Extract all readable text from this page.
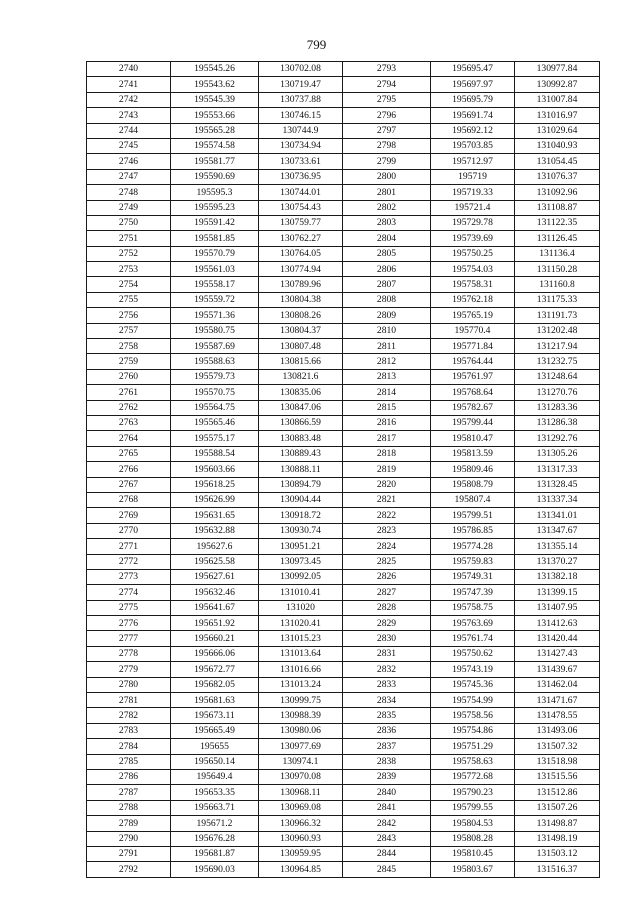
799
2740	195545.26	130702.08	2793	195695.47	130977.84
2741	195543.62	130719.47	2794	195697.97	130992.87
2742	195545.39	130737.88	2795	195695.79	131007.84
2743	195553.66	130746.15	2796	195691.74	131016.97
2744	195565.28	130744.9	2797	195692.12	131029.64
2745	195574.58	130734.94	2798	195703.85	131040.93
2746	195581.77	130733.61	2799	195712.97	131054.45
2747	195590.69	130736.95	2800	195719	131076.37
2748	195595.3	130744.01	2801	195719.33	131092.96
2749	195595.23	130754.43	2802	195721.4	131108.87
2750	195591.42	130759.77	2803	195729.78	131122.35
2751	195581.85	130762.27	2804	195739.69	131126.45
2752	195570.79	130764.05	2805	195750.25	131136.4
2753	195561.03	130774.94	2806	195754.03	131150.28
2754	195558.17	130789.96	2807	195758.31	131160.8
2755	195559.72	130804.38	2808	195762.18	131175.33
2756	195571.36	130808.26	2809	195765.19	131191.73
2757	195580.75	130804.37	2810	195770.4	131202.48
2758	195587.69	130807.48	2811	195771.84	131217.94
2759	195588.63	130815.66	2812	195764.44	131232.75
2760	195579.73	130821.6	2813	195761.97	131248.64
2761	195570.75	130835.06	2814	195768.64	131270.76
2762	195564.75	130847.06	2815	195782.67	131283.36
2763	195565.46	130866.59	2816	195799.44	131286.38
2764	195575.17	130883.48	2817	195810.47	131292.76
2765	195588.54	130889.43	2818	195813.59	131305.26
2766	195603.66	130888.11	2819	195809.46	131317.33
2767	195618.25	130894.79	2820	195808.79	131328.45
2768	195626.99	130904.44	2821	195807.4	131337.34
2769	195631.65	130918.72	2822	195799.51	131341.01
2770	195632.88	130930.74	2823	195786.85	131347.67
2771	195627.6	130951.21	2824	195774.28	131355.14
2772	195625.58	130973.45	2825	195759.83	131370.27
2773	195627.61	130992.05	2826	195749.31	131382.18
2774	195632.46	131010.41	2827	195747.39	131399.15
2775	195641.67	131020	2828	195758.75	131407.95
2776	195651.92	131020.41	2829	195763.69	131412.63
2777	195660.21	131015.23	2830	195761.74	131420.44
2778	195666.06	131013.64	2831	195750.62	131427.43
2779	195672.77	131016.66	2832	195743.19	131439.67
2780	195682.05	131013.24	2833	195745.36	131462.04
2781	195681.63	130999.75	2834	195754.99	131471.67
2782	195673.11	130988.39	2835	195758.56	131478.55
2783	195665.49	130980.06	2836	195754.86	131493.06
2784	195655	130977.69	2837	195751.29	131507.32
2785	195650.14	130974.1	2838	195758.63	131518.98
2786	195649.4	130970.08	2839	195772.68	131515.56
2787	195653.35	130968.11	2840	195790.23	131512.86
2788	195663.71	130969.08	2841	195799.55	131507.26
2789	195671.2	130966.32	2842	195804.53	131498.87
2790	195676.28	130960.93	2843	195808.28	131498.19
2791	195681.87	130959.95	2844	195810.45	131503.12
2792	195690.03	130964.85	2845	195803.67	131516.37
